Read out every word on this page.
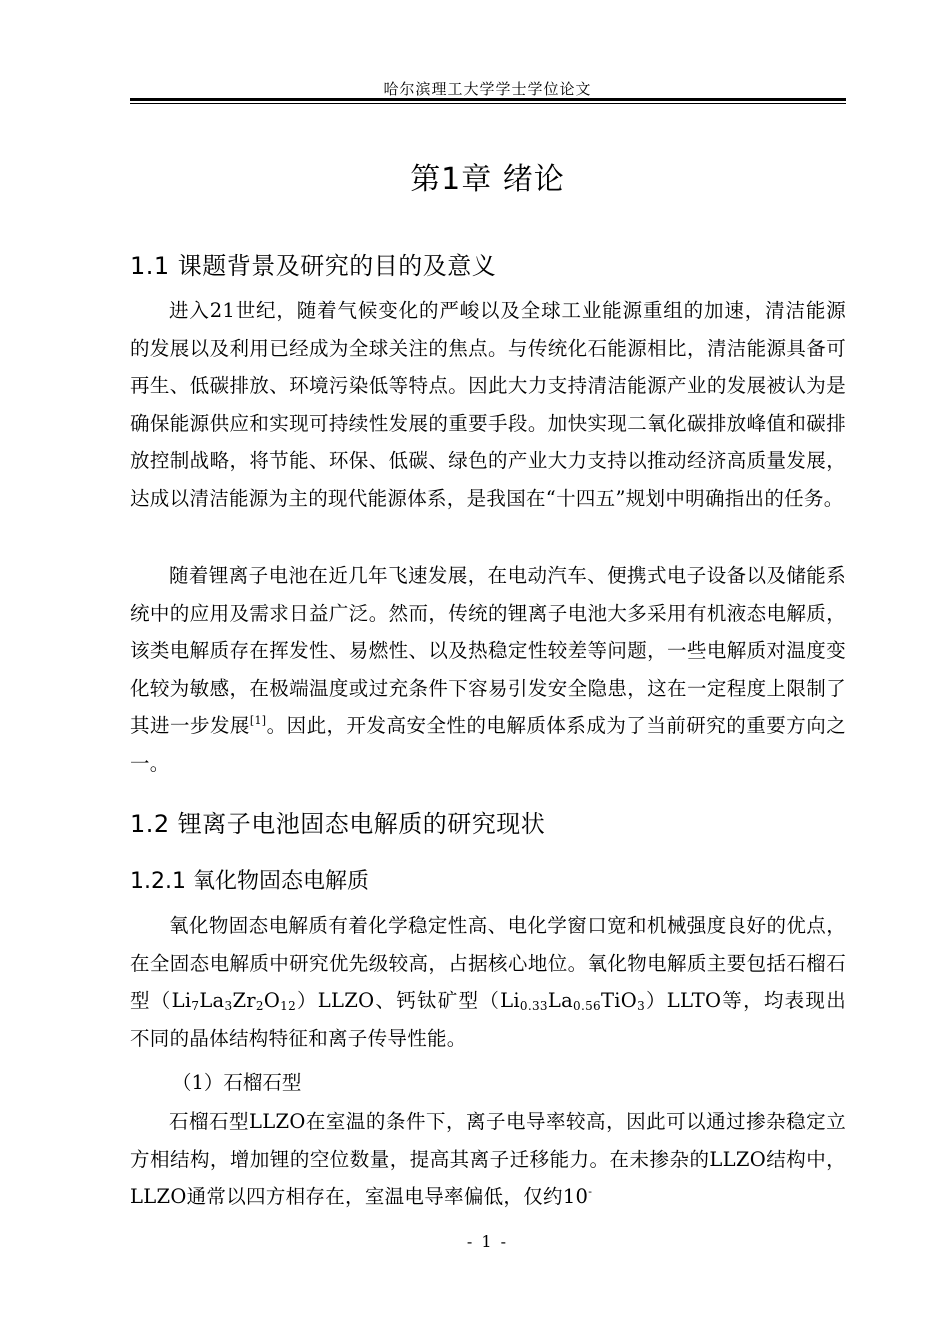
哈尔滨理工大学学士学位论文
第1章 绪论
1.1 课题背景及研究的目的及意义

进入21世纪，随着气候变化的严峻以及全球工业能源重组的加速，清洁能源的发展以及利用已经成为全球关注的焦点。与传统化石能源相比，清洁能源具备可再生、低碳排放、环境污染低等特点。因此大力支持清洁能源产业的发展被认为是确保能源供应和实现可持续性发展的重要手段。加快实现二氧化碳排放峰值和碳排放控制战略，将节能、环保、低碳、绿色的产业大力支持以推动经济高质量发展，达成以清洁能源为主的现代能源体系，是我国在“十四五”规划中明确指出的任务。

随着锂离子电池在近几年飞速发展，在电动汽车、便携式电子设备以及储能系统中的应用及需求日益广泛。然而，传统的锂离子电池大多采用有机液态电解质，该类电解质存在挥发性、易燃性、以及热稳定性较差等问题，一些电解质对温度变化较为敏感，在极端温度或过充条件下容易引发安全隐患，这在一定程度上限制了其进一步发展[1]。因此，开发高安全性的电解质体系成为了当前研究的重要方向之一。

1.2 锂离子电池固态电解质的研究现状
1.2.1 氧化物固态电解质

氧化物固态电解质有着化学稳定性高、电化学窗口宽和机械强度良好的优点，在全固态电解质中研究优先级较高，占据核心地位。氧化物电解质主要包括石榴石型$(Li_7La_3Zr_2O_{12})LLZO$、钙钛矿型$(Li_{0.33}La_{0.56}TiO_3)LLTO$等，均表现出不同的晶体结构特征和离子传导性能。

（1）石榴石型

石榴石型LLZO在室温的条件下，离子电导率较高，因此可以通过掺杂稳定立方相结构，增加锂的空位数量，提高其离子迁移能力。在未掺杂的LLZO结构中，LLZO通常以四方相存在，室温电导率偏低，仅约10-

- 1 -
